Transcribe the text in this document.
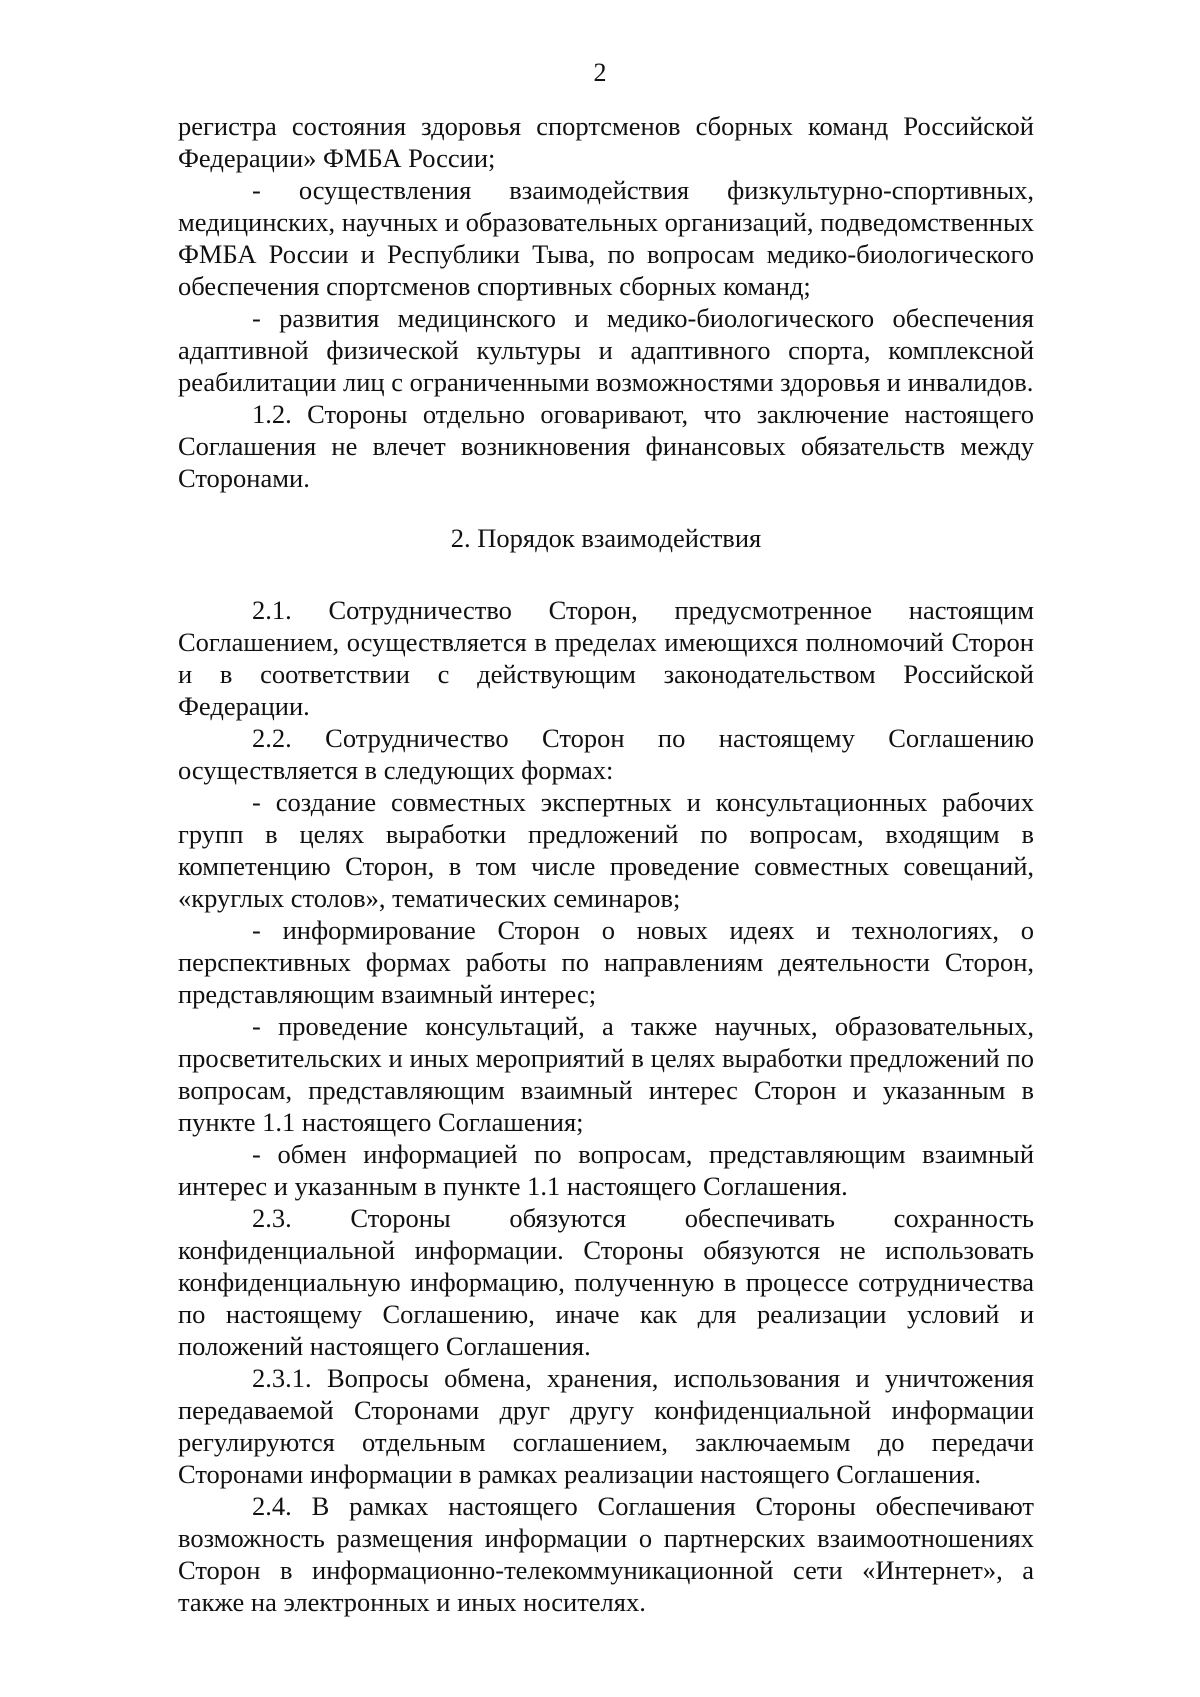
2

регистра состояния здоровья спортсменов сборных команд Российской Федерации» ФМБА России;

- осуществления взаимодействия физкультурно-спортивных, медицинских, научных и образовательных организаций, подведомственных ФМБА России и Республики Тыва, по вопросам медико-биологического обеспечения спортсменов спортивных сборных команд;

- развития медицинского и медико-биологического обеспечения адаптивной физической культуры и адаптивного спорта, комплексной реабилитации лиц с ограниченными возможностями здоровья и инвалидов.

1.2. Стороны отдельно оговаривают, что заключение настоящего Соглашения не влечет возникновения финансовых обязательств между Сторонами.

2. Порядок взаимодействия

2.1. Сотрудничество Сторон, предусмотренное настоящим Соглашением, осуществляется в пределах имеющихся полномочий Сторон и в соответствии с действующим законодательством Российской Федерации.

2.2. Сотрудничество Сторон по настоящему Соглашению осуществляется в следующих формах:

- создание совместных экспертных и консультационных рабочих групп в целях выработки предложений по вопросам, входящим в компетенцию Сторон, в том числе проведение совместных совещаний, «круглых столов», тематических семинаров;

- информирование Сторон о новых идеях и технологиях, о перспективных формах работы по направлениям деятельности Сторон, представляющим взаимный интерес;

- проведение консультаций, а также научных, образовательных, просветительских и иных мероприятий в целях выработки предложений по вопросам, представляющим взаимный интерес Сторон и указанным в пункте 1.1 настоящего Соглашения;

- обмен информацией по вопросам, представляющим взаимный интерес и указанным в пункте 1.1 настоящего Соглашения.

2.3. Стороны обязуются обеспечивать сохранность конфиденциальной информации. Стороны обязуются не использовать конфиденциальную информацию, полученную в процессе сотрудничества по настоящему Соглашению, иначе как для реализации условий и положений настоящего Соглашения.

2.3.1. Вопросы обмена, хранения, использования и уничтожения передаваемой Сторонами друг другу конфиденциальной информации регулируются отдельным соглашением, заключаемым до передачи Сторонами информации в рамках реализации настоящего Соглашения.

2.4. В рамках настоящего Соглашения Стороны обеспечивают возможность размещения информации о партнерских взаимоотношениях Сторон в информационно-телекоммуникационной сети «Интернет», а также на электронных и иных носителях.
